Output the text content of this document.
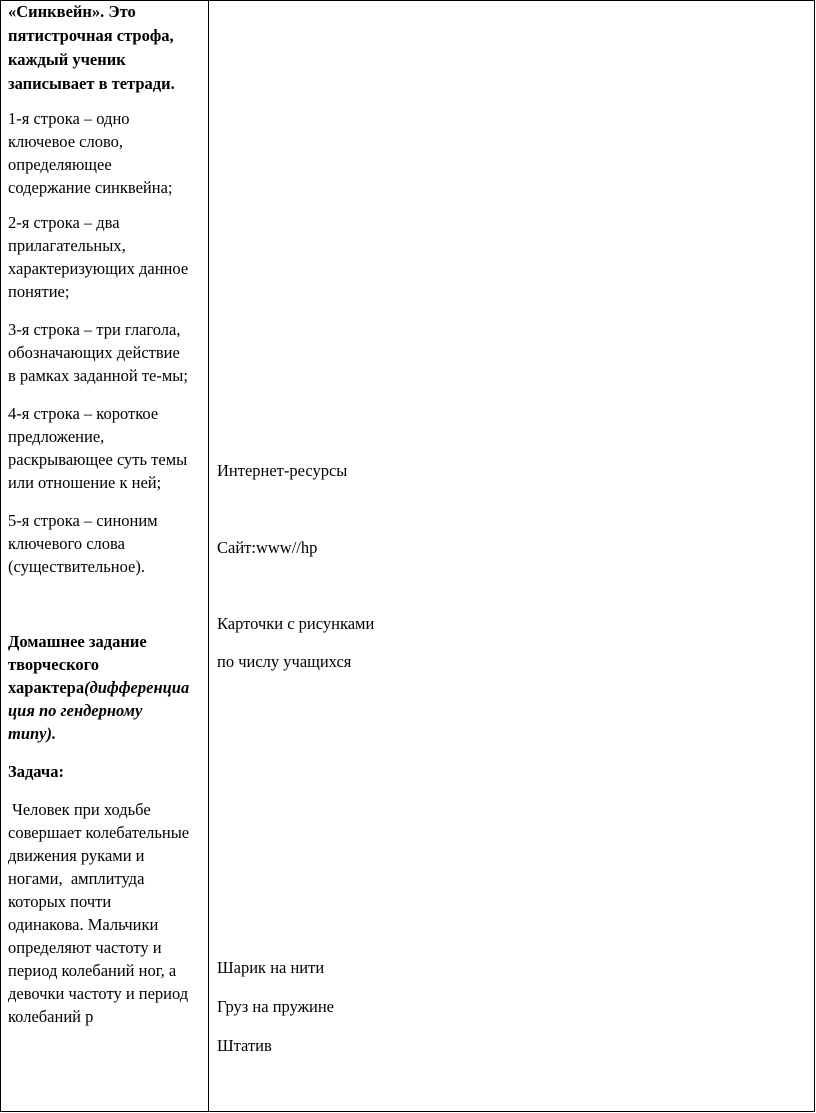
«Синквейн». Это

пятистрочная строфа,

каждый ученик

записывает в тетради.

1-я строка – одно

ключевое слово,

определяющее

содержание синквейна;

2-я строка – два

прилагательных,

характеризующих данное

понятие;

3-я строка – три глагола,

обозначающих действие

в рамках заданной те-мы;

4-я строка – короткое

предложение,

раскрывающее суть темы

или отношение к ней;

5-я строка – синоним

ключевого слова

(существительное).

Домашнее задание

творческого

характера(дифференциа

ция по гендерному

типу).

Задача:

Человек при ходьбе

совершает колебательные

движения руками и

ногами,  амплитуда

которых почти

одинакова. Мальчики

определяют частоту и

период колебаний ног, а

девочки частоту и период

колебаний р

Интернет-ресурсы

Сайт:www//hp

Карточки с рисунками

по числу учащихся

Шарик на нити

Груз на пружине

Штатив
